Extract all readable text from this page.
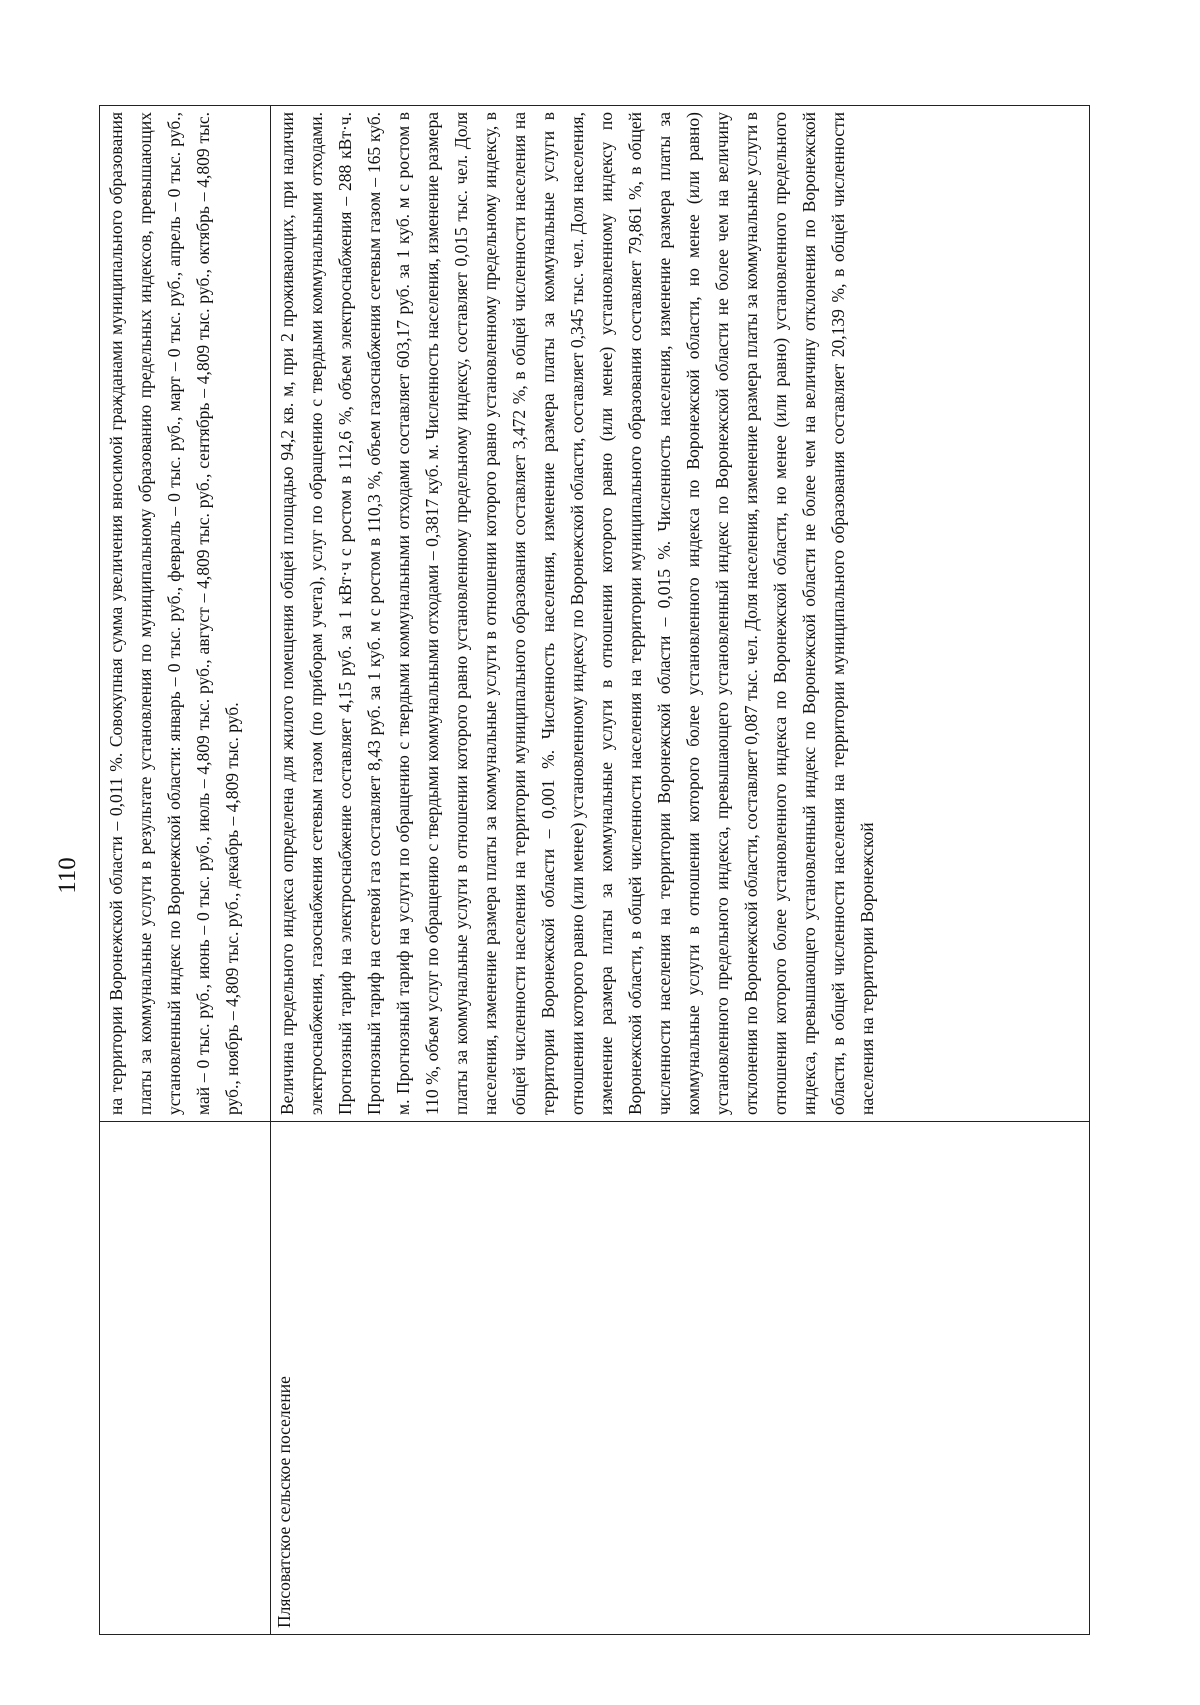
110
		на территории Воронежской области – 0,011 %. Совокупная сумма увеличения вносимой гражданами муниципального образования платы за коммунальные услуги в результате установления по муниципальному образованию предельных индексов, превышающих установленный индекс по Воронежской области: январь – 0 тыс. руб., февраль – 0 тыс. руб., март – 0 тыс. руб., апрель – 0 тыс. руб., май – 0 тыс. руб., июнь – 0 тыс. руб., июль – 4,809 тыс. руб., август – 4,809 тыс. руб., сентябрь – 4,809 тыс. руб., октябрь – 4,809 тыс. руб., ноябрь – 4,809 тыс. руб., декабрь – 4,809 тыс. руб.
Плясоватское сельское поселение	Величина предельного индекса определена для жилого помещения общей площадью 94,2 кв. м, при 2 проживающих, при наличии электроснабжения, газоснабжения сетевым газом (по приборам учета), услуг по обращению с твердыми коммунальными отходами. Прогнозный тариф на электроснабжение составляет 4,15 руб. за 1 кВт·ч с ростом в 112,6 %, объем электроснабжения – 288 кВт·ч. Прогнозный тариф на сетевой газ составляет 8,43 руб. за 1 куб. м с ростом в 110,3 %, объем газоснабжения сетевым газом – 165 куб. м. Прогнозный тариф на услуги по обращению с твердыми коммунальными отходами составляет 603,17 руб. за 1 куб. м с ростом в 110 %, объем услуг по обращению с твердыми коммунальными отходами – 0,3817 куб. м. Численность населения, изменение размера платы за коммунальные услуги в отношении которого равно установленному предельному индексу, составляет 0,015 тыс. чел. Доля населения, изменение размера платы за коммунальные услуги в отношении которого равно установленному предельному индексу, в общей численности населения на территории муниципального образования составляет 3,472 %, в общей численности населения на территории Воронежской области – 0,001 %. Численность населения, изменение размера платы за коммунальные услуги в отношении которого равно (или менее) установленному индексу по Воронежской области, составляет 0,345 тыс. чел. Доля населения, изменение размера платы за коммунальные услуги в отношении которого равно (или менее) установленному индексу по Воронежской области, в общей численности населения на территории муниципального образования составляет 79,861 %, в общей численности населения на территории Воронежской области – 0,015 %. Численность населения, изменение размера платы за коммунальные услуги в отношении которого более установленного индекса по Воронежской области, но менее (или равно) установленного предельного индекса, превышающего установленный индекс по Воронежской области не более чем на величину отклонения по Воронежской области, составляет 0,087 тыс. чел. Доля населения, изменение размера платы за коммунальные услуги в отношении которого более установленного индекса по Воронежской области, но менее (или равно) установленного предельного индекса, превышающего установленный индекс по Воронежской области не более чем на величину отклонения по Воронежской области, в общей численности населения на территории муниципального образования составляет 20,139 %, в общей численности населения на территории Воронежской
